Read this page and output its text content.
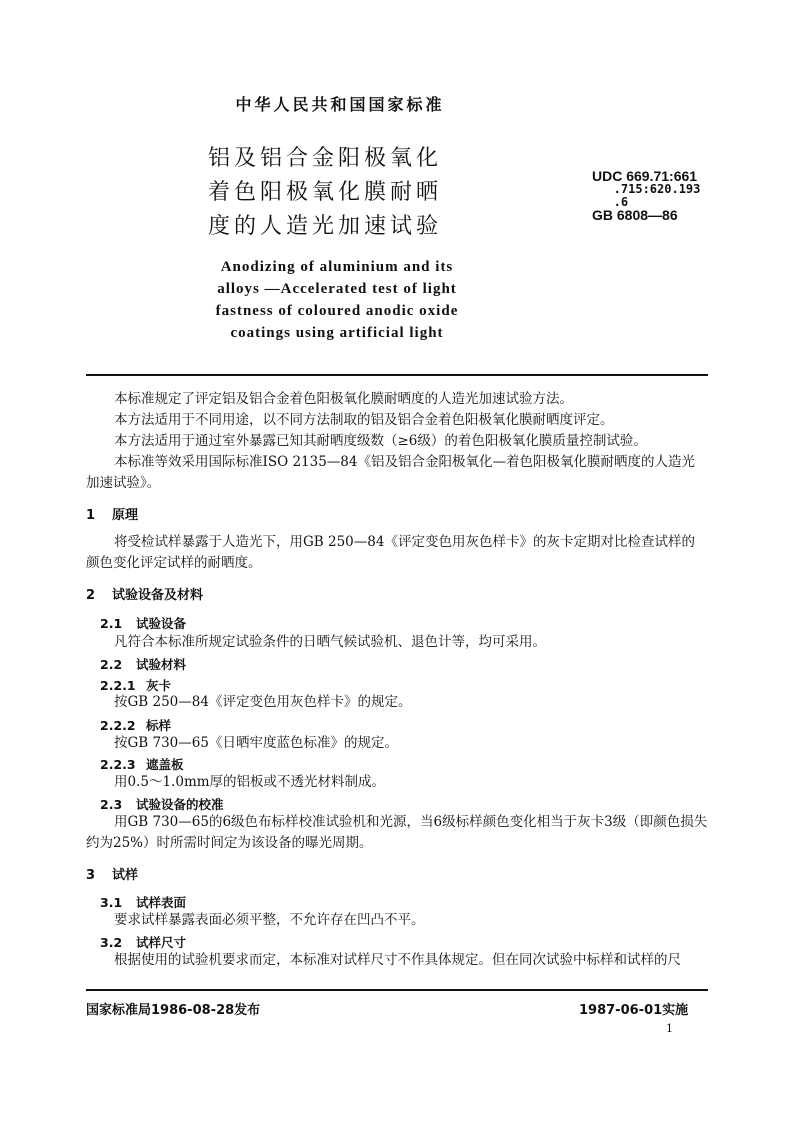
中华人民共和国国家标准
铝及铝合金阳极氧化
着色阳极氧化膜耐晒
度的人造光加速试验
UDC 669.71:661
.715:620.193
.6
GB 6808—86
Anodizing of aluminium and its
alloys —Accelerated test of light
fastness of coloured anodic oxide
coatings using artificial light
本标准规定了评定铝及铝合金着色阳极氧化膜耐晒度的人造光加速试验方法。
本方法适用于不同用途，以不同方法制取的铝及铝合金着色阳极氧化膜耐晒度评定。
本方法适用于通过室外暴露已知其耐晒度级数（≥6级）的着色阳极氧化膜质量控制试验。
本标准等效采用国际标准ISO 2135—84《铝及铝合金阳极氧化—着色阳极氧化膜耐晒度的人造光加速试验》。
1 原理
将受检试样暴露于人造光下，用GB 250—84《评定变色用灰色样卡》的灰卡定期对比检查试样的颜色变化评定试样的耐晒度。
2 试验设备及材料
2.1 试验设备
凡符合本标准所规定试验条件的日晒气候试验机、退色计等，均可采用。
2.2 试验材料
2.2.1 灰卡
按GB 250—84《评定变色用灰色样卡》的规定。
2.2.2 标样
按GB 730—65《日晒牢度蓝色标准》的规定。
2.2.3 遮盖板
用0.5～1.0mm厚的铝板或不透光材料制成。
2.3 试验设备的校准
用GB 730—65的6级色布标样校准试验机和光源，当6级标样颜色变化相当于灰卡3级（即颜色损失约为25%）时所需时间定为该设备的曝光周期。
3 试样
3.1 试样表面
要求试样暴露表面必须平整，不允许存在凹凸不平。
3.2 试样尺寸
根据使用的试验机要求而定，本标准对试样尺寸不作具体规定。但在同次试验中标样和试样的尺
国家标准局1986-08-28发布	1987-06-01实施
1
